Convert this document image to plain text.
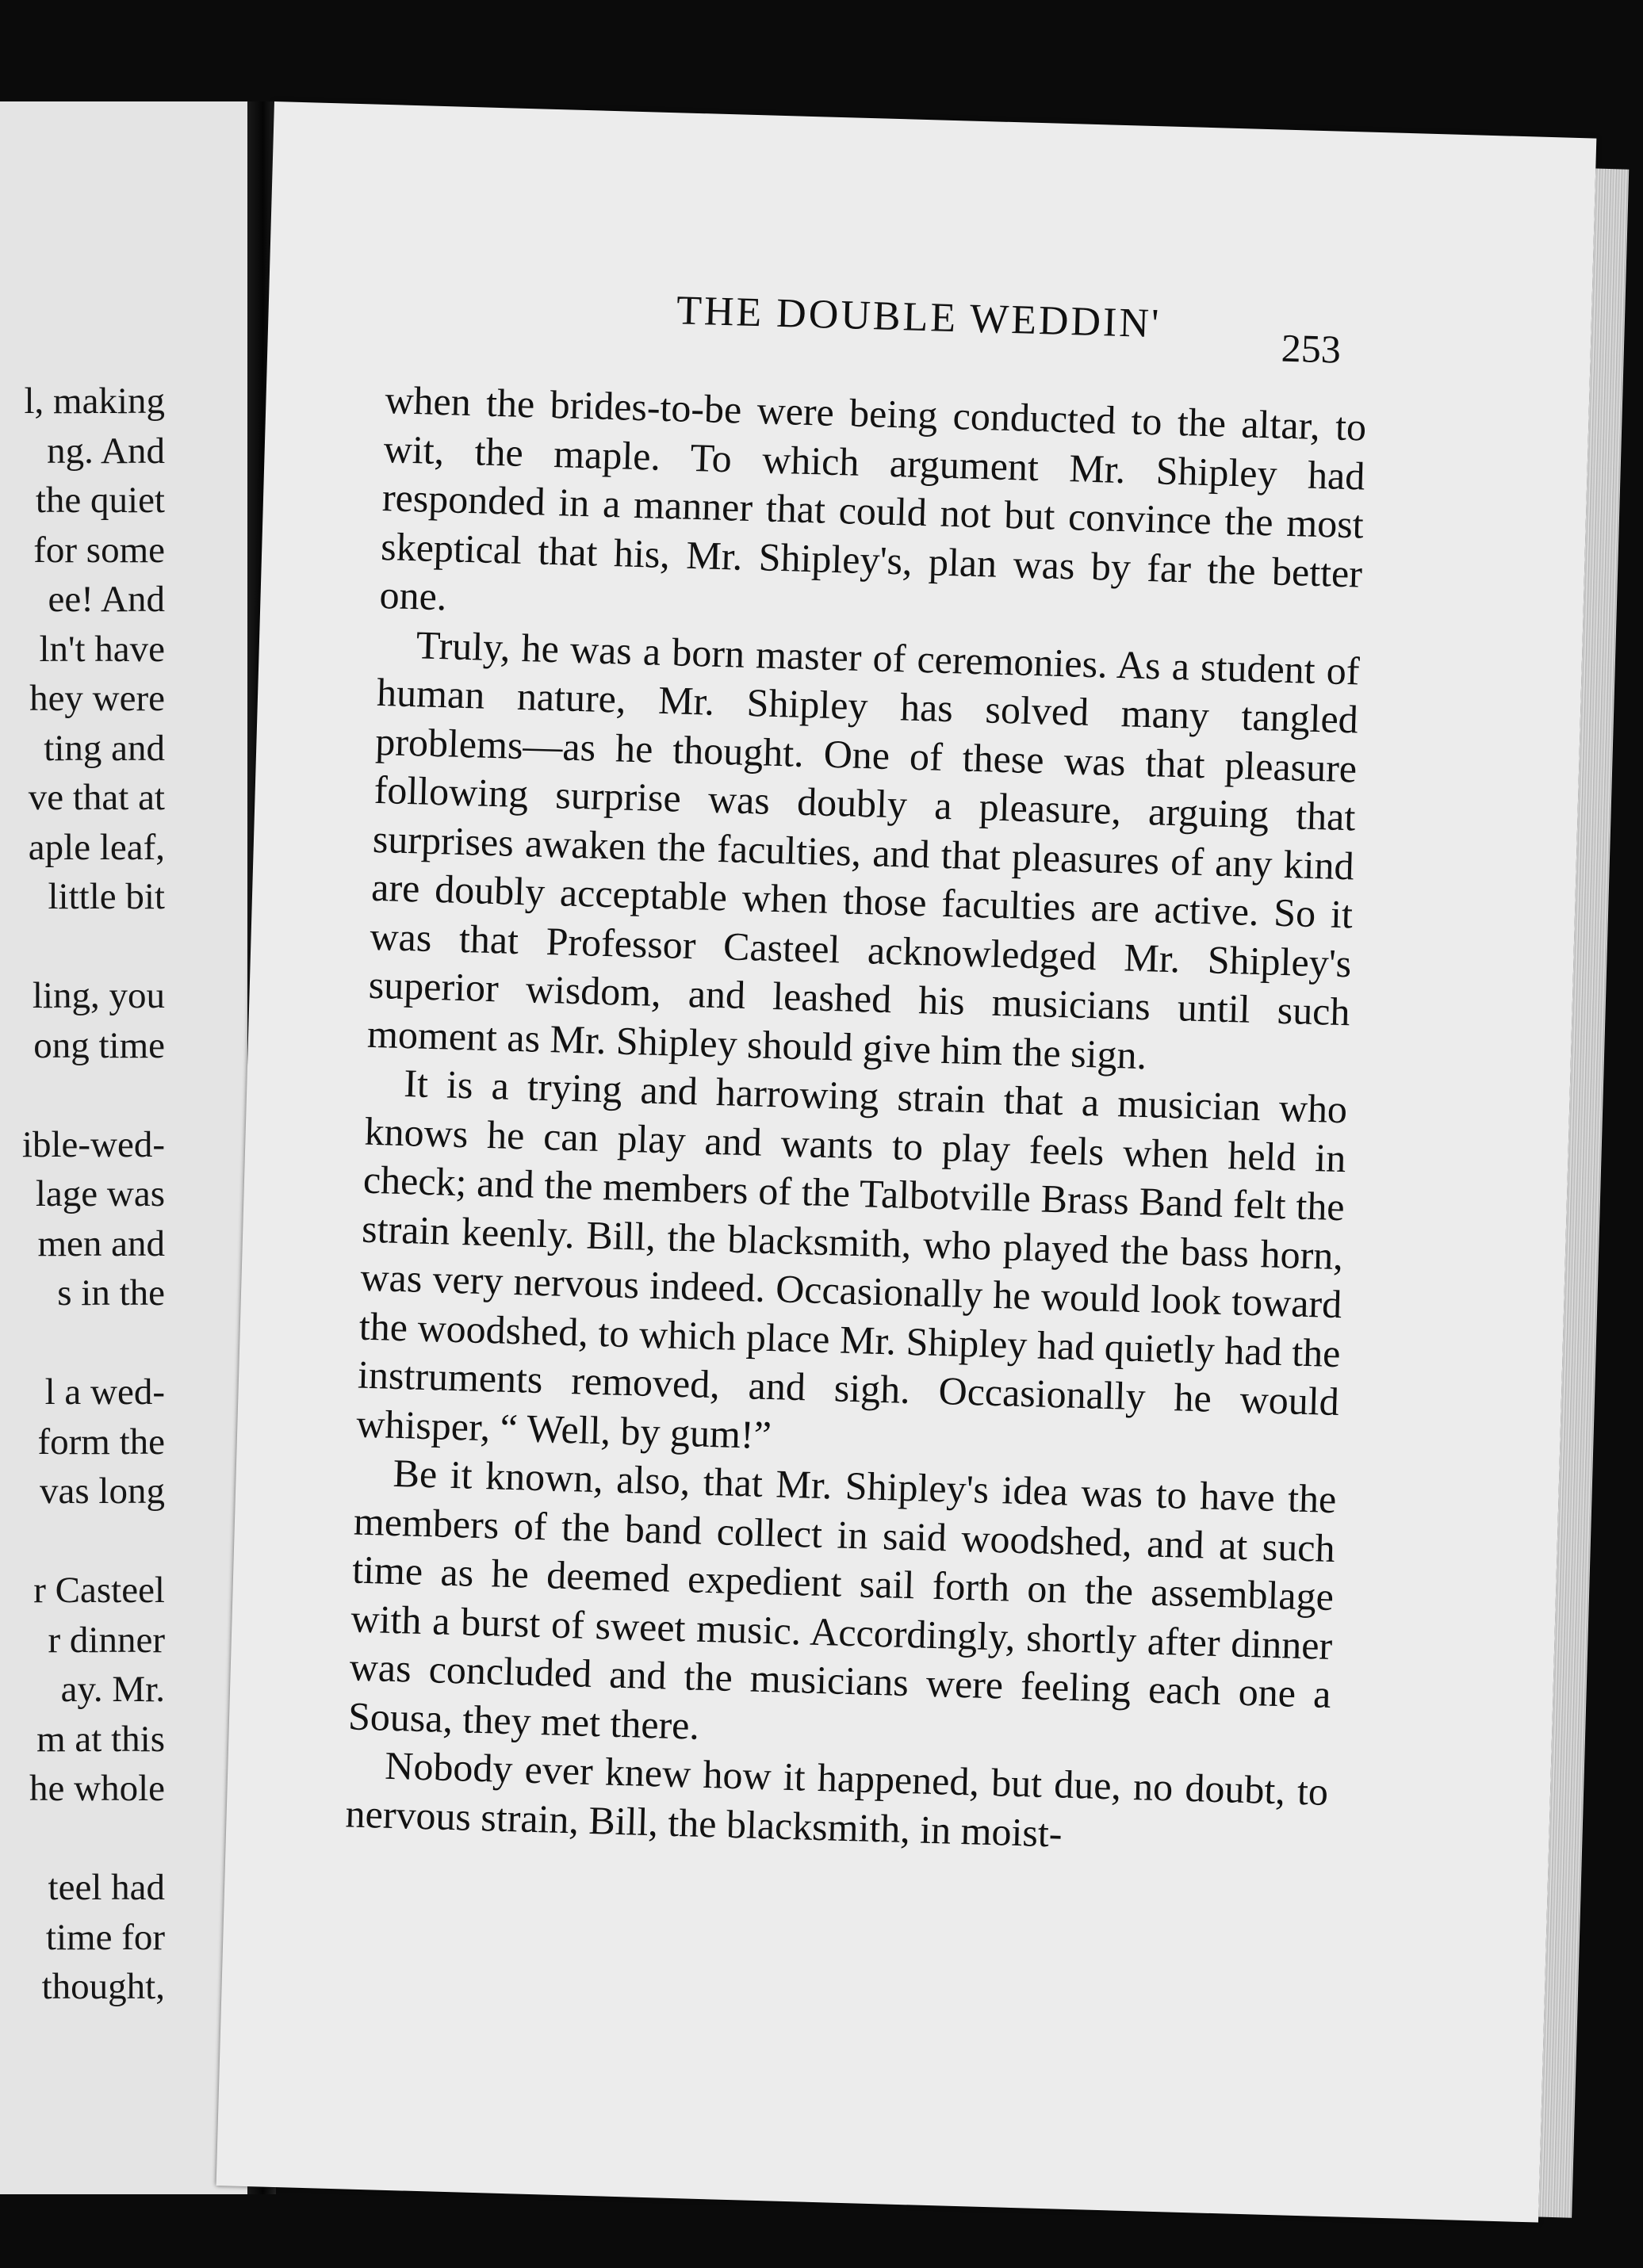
l, making
ng. And
the quiet
for some
ee! And
ln't have
hey were
ting and
ve that at
aple leaf,
little bit
ling, you
ong time
ible-wed-
lage was
men and
s in the
l a wed-
form the
vas long
r Casteel
r dinner
ay. Mr.
m at this
he whole
teel had
time for
thought,
THE DOUBLE WEDDIN'
253

when the brides-to-be were being conducted to the altar, to wit, the maple. To which argument Mr. Shipley had responded in a manner that could not but convince the most skeptical that his, Mr. Shipley's, plan was by far the better one.

Truly, he was a born master of ceremonies. As a student of human nature, Mr. Shipley has solved many tangled problems—as he thought. One of these was that pleasure following surprise was doubly a pleasure, arguing that surprises awaken the faculties, and that pleasures of any kind are doubly acceptable when those faculties are active. So it was that Professor Casteel acknowledged Mr. Shipley's superior wisdom, and leashed his musicians until such moment as Mr. Shipley should give him the sign.

It is a trying and harrowing strain that a musician who knows he can play and wants to play feels when held in check; and the members of the Talbotville Brass Band felt the strain keenly. Bill, the blacksmith, who played the bass horn, was very nervous indeed. Occasionally he would look toward the woodshed, to which place Mr. Shipley had quietly had the instruments removed, and sigh. Occasionally he would whisper, “ Well, by gum!”

Be it known, also, that Mr. Shipley's idea was to have the members of the band collect in said woodshed, and at such time as he deemed expedient sail forth on the assemblage with a burst of sweet music. Accordingly, shortly after dinner was concluded and the musicians were feeling each one a Sousa, they met there.

Nobody ever knew how it happened, but due, no doubt, to nervous strain, Bill, the blacksmith, in moist-
